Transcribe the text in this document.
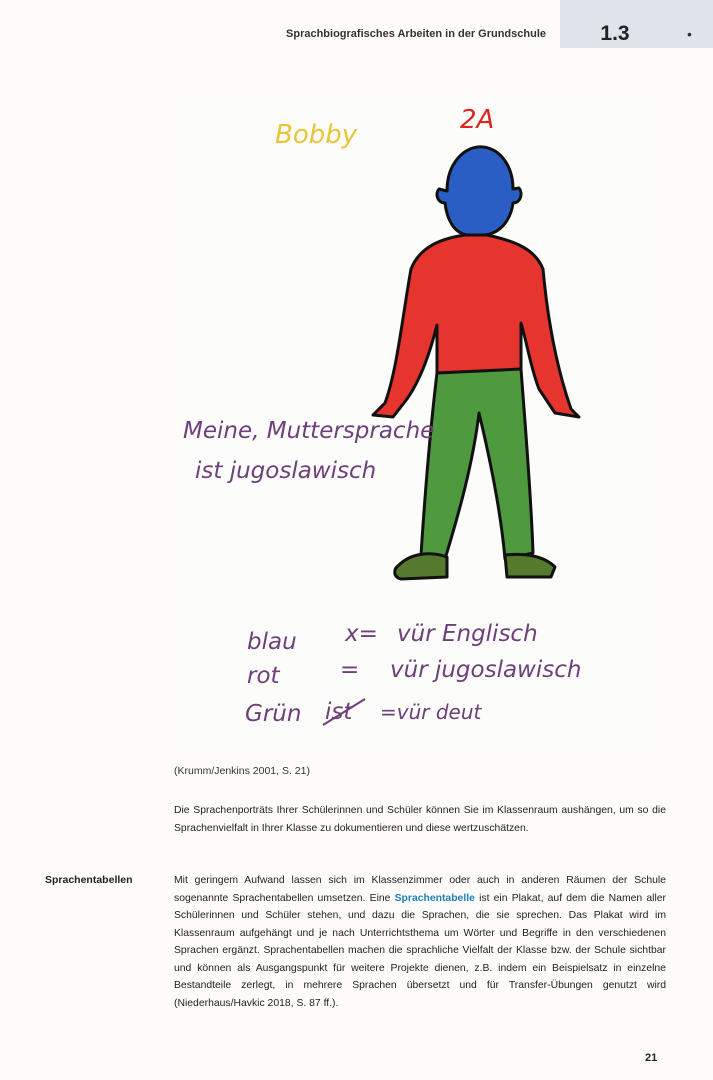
Sprachbiografisches Arbeiten in der Grundschule	1.3	•
Bobby	2A
Meine, Muttersprache
ist jugoslawisch
blau x= vür Englisch
rot	= vür jugoslawisch
Grün ist =vür deut
(Krumm/Jenkins 2001, S. 21)
Die Sprachenporträts Ihrer Schülerinnen und Schüler können Sie im Klassenraum aushängen, um so die Sprachenvielfalt in Ihrer Klasse zu dokumentieren und diese wertzuschätzen.
Sprachentabellen	Mit geringem Aufwand lassen sich im Klassenzimmer oder auch in anderen Räumen der Schule sogenannte Sprachentabellen umsetzen. Eine Sprachentabelle ist ein Plakat, auf dem die Namen aller Schülerinnen und Schüler stehen, und dazu die Sprachen, die sie sprechen. Das Plakat wird im Klassenraum aufgehängt und je nach Unterrichtsthema um Wörter und Begriffe in den verschiedenen Sprachen ergänzt. Sprachentabellen machen die sprachliche Vielfalt der Klasse bzw. der Schule sichtbar und können als Ausgangspunkt für weitere Projekte dienen, z.B. indem ein Beispielsatz in einzelne Bestandteile zerlegt, in mehrere Sprachen übersetzt und für Transfer-Übungen genutzt wird (Niederhaus/Havkic 2018, S. 87 ff.).
21
